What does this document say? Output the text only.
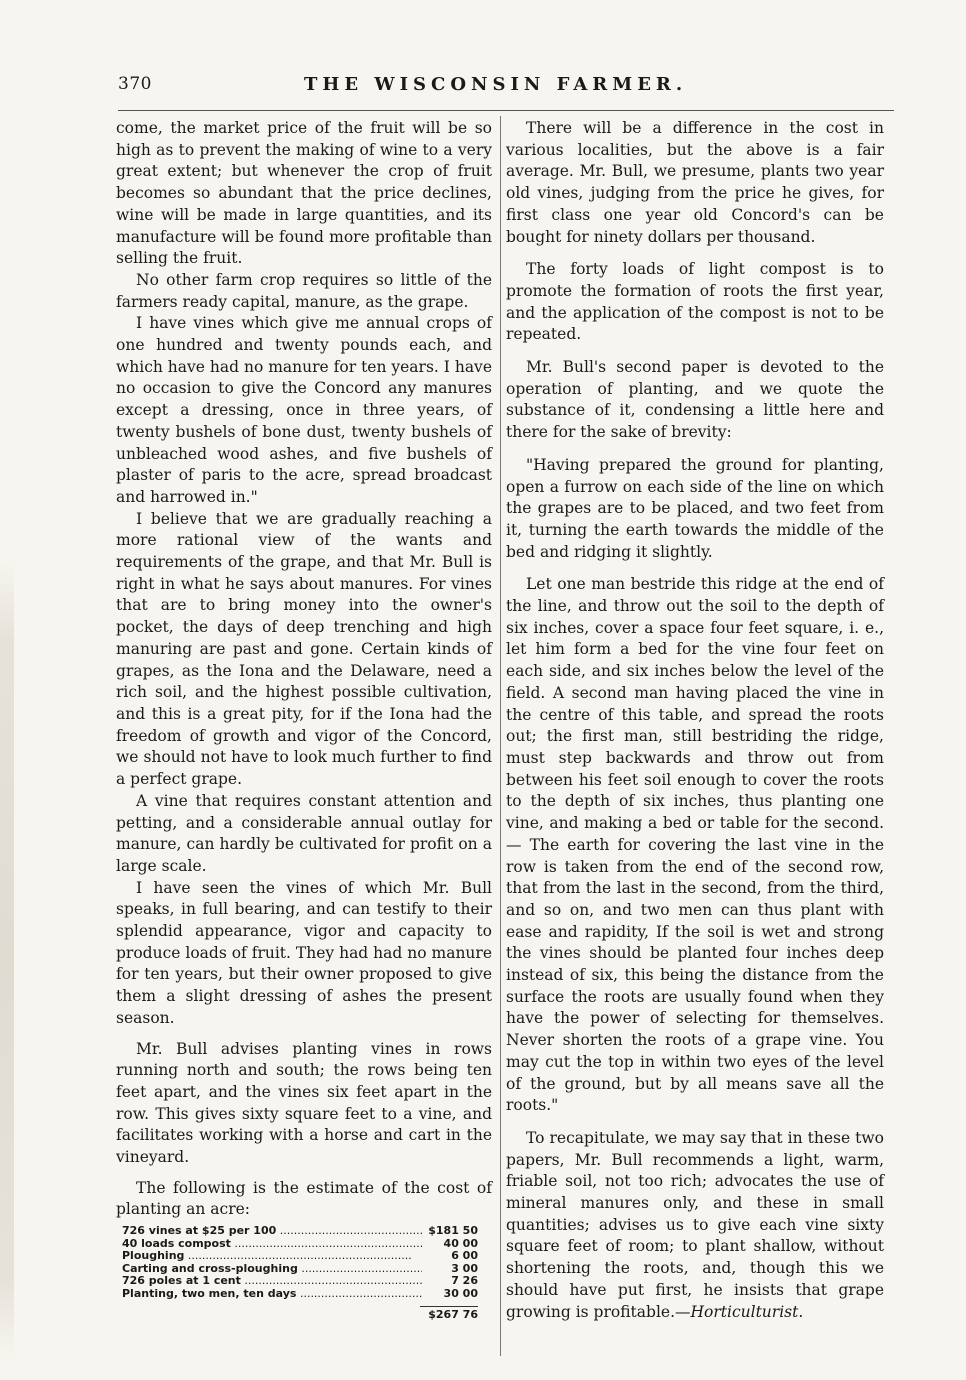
370	THE WISCONSIN FARMER.

come, the market price of the fruit will be so high as to prevent the making of wine to a very great extent; but whenever the crop of fruit becomes so abundant that the price declines, wine will be made in large quantities, and its manufacture will be found more profitable than selling the fruit.

No other farm crop requires so little of the farmers ready capital, manure, as the grape.

I have vines which give me annual crops of one hundred and twenty pounds each, and which have had no manure for ten years. I have no occasion to give the Concord any manures except a dressing, once in three years, of twenty bushels of bone dust, twenty bushels of unbleached wood ashes, and five bushels of plaster of paris to the acre, spread broadcast and harrowed in."

I believe that we are gradually reaching a more rational view of the wants and requirements of the grape, and that Mr. Bull is right in what he says about manures. For vines that are to bring money into the owner's pocket, the days of deep trenching and high manuring are past and gone. Certain kinds of grapes, as the Iona and the Delaware, need a rich soil, and the highest possible cultivation, and this is a great pity, for if the Iona had the freedom of growth and vigor of the Concord, we should not have to look much further to find a perfect grape.

A vine that requires constant attention and petting, and a considerable annual outlay for manure, can hardly be cultivated for profit on a large scale.

I have seen the vines of which Mr. Bull speaks, in full bearing, and can testify to their splendid appearance, vigor and capacity to produce loads of fruit. They had had no manure for ten years, but their owner proposed to give them a slight dressing of ashes the present season.

Mr. Bull advises planting vines in rows running north and south; the rows being ten feet apart, and the vines six feet apart in the row. This gives sixty square feet to a vine, and facilitates working with a horse and cart in the vineyard.

The following is the estimate of the cost of planting an acre:

726 vines at $25 per 100 .....	$181 50
40 loads compost .....	40 00
Ploughing .....	6 00
Carting and cross-ploughing .....	3 00
726 poles at 1 cent .....	7 26
Planting, two men, ten days .....	30 00
$267 76

There will be a difference in the cost in various localities, but the above is a fair average. Mr. Bull, we presume, plants two year old vines, judging from the price he gives, for first class one year old Concord's can be bought for ninety dollars per thousand.

The forty loads of light compost is to promote the formation of roots the first year, and the application of the compost is not to be repeated.

Mr. Bull's second paper is devoted to the operation of planting, and we quote the substance of it, condensing a little here and there for the sake of brevity:

"Having prepared the ground for planting, open a furrow on each side of the line on which the grapes are to be placed, and two feet from it, turning the earth towards the middle of the bed and ridging it slightly.

Let one man bestride this ridge at the end of the line, and throw out the soil to the depth of six inches, cover a space four feet square, i. e., let him form a bed for the vine four feet on each side, and six inches below the level of the field. A second man having placed the vine in the centre of this table, and spread the roots out; the first man, still bestriding the ridge, must step backwards and throw out from between his feet soil enough to cover the roots to the depth of six inches, thus planting one vine, and making a bed or table for the second.— The earth for covering the last vine in the row is taken from the end of the second row, that from the last in the second, from the third, and so on, and two men can thus plant with ease and rapidity, If the soil is wet and strong the vines should be planted four inches deep instead of six, this being the distance from the surface the roots are usually found when they have the power of selecting for themselves. Never shorten the roots of a grape vine. You may cut the top in within two eyes of the level of the ground, but by all means save all the roots."

To recapitulate, we may say that in these two papers, Mr. Bull recommends a light, warm, friable soil, not too rich; advocates the use of mineral manures only, and these in small quantities; advises us to give each vine sixty square feet of room; to plant shallow, without shortening the roots, and, though this we should have put first, he insists that grape growing is profitable.—Horticulturist.
